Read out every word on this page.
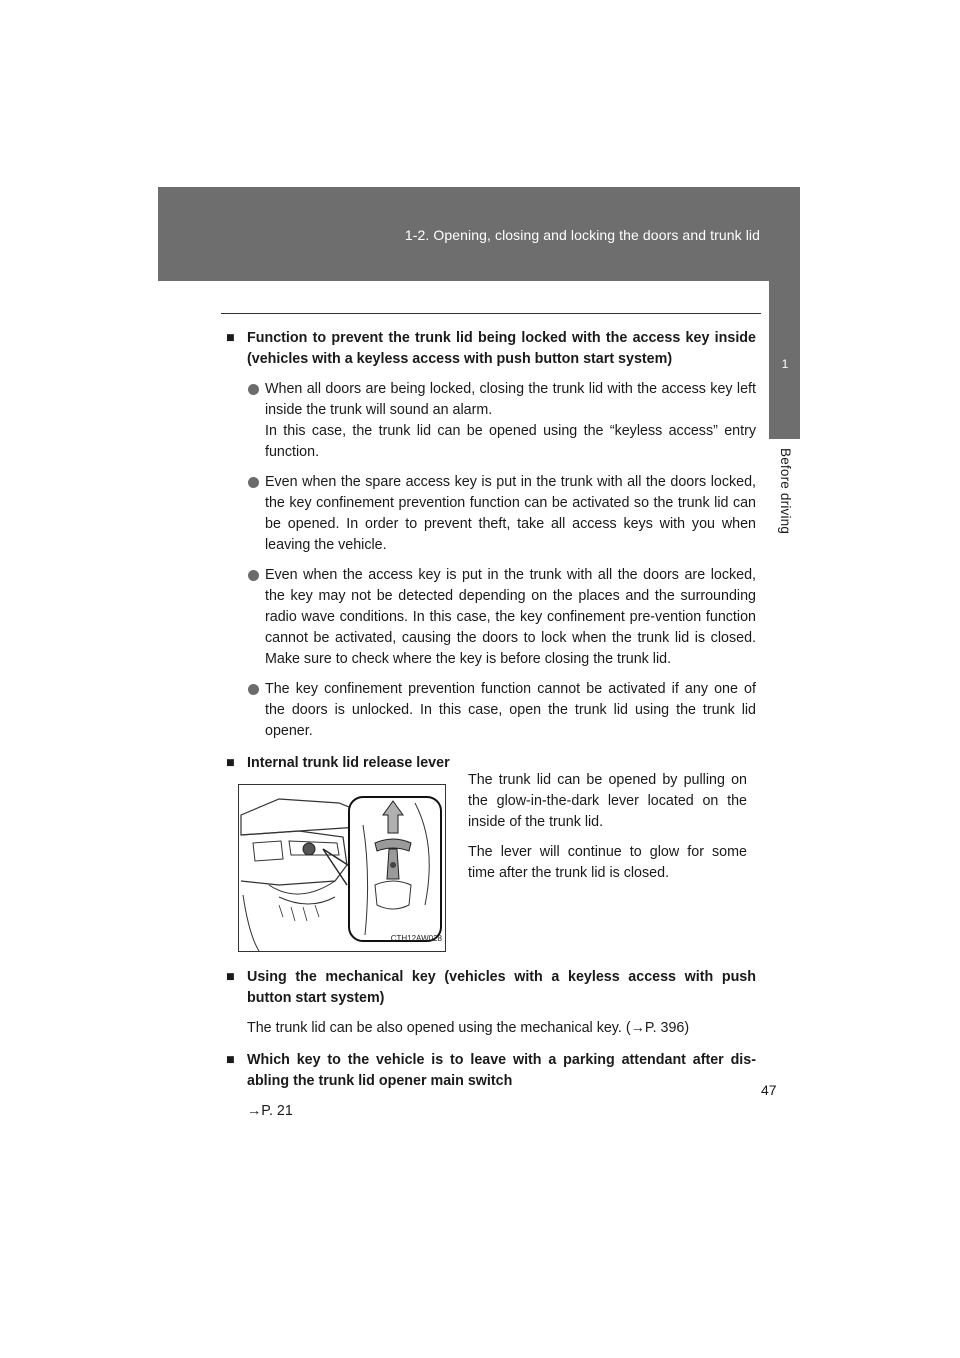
1-2. Opening, closing and locking the doors and trunk lid
1
Before driving
■ Function to prevent the trunk lid being locked with the access key inside (vehicles with a keyless access with push button start system)
When all doors are being locked, closing the trunk lid with the access key left inside the trunk will sound an alarm.
In this case, the trunk lid can be opened using the “keyless access” entry function.
Even when the spare access key is put in the trunk with all the doors locked, the key confinement prevention function can be activated so the trunk lid can be opened. In order to prevent theft, take all access keys with you when leaving the vehicle.
Even when the access key is put in the trunk with all the doors are locked, the key may not be detected depending on the places and the surrounding radio wave conditions. In this case, the key confinement pre-vention function cannot be activated, causing the doors to lock when the trunk lid is closed. Make sure to check where the key is before closing the trunk lid.
The key confinement prevention function cannot be activated if any one of the doors is unlocked. In this case, open the trunk lid using the trunk lid opener.
■ Internal trunk lid release lever
CTH12AW028

The trunk lid can be opened by pulling on the glow-in-the-dark lever located on the inside of the trunk lid.

The lever will continue to glow for some time after the trunk lid is closed.

■ Using the mechanical key (vehicles with a keyless access with push button start system)
The trunk lid can be also opened using the mechanical key. (→P. 396)
■ Which key to the vehicle is to leave with a parking attendant after dis-abling the trunk lid opener main switch
→P. 21
47
